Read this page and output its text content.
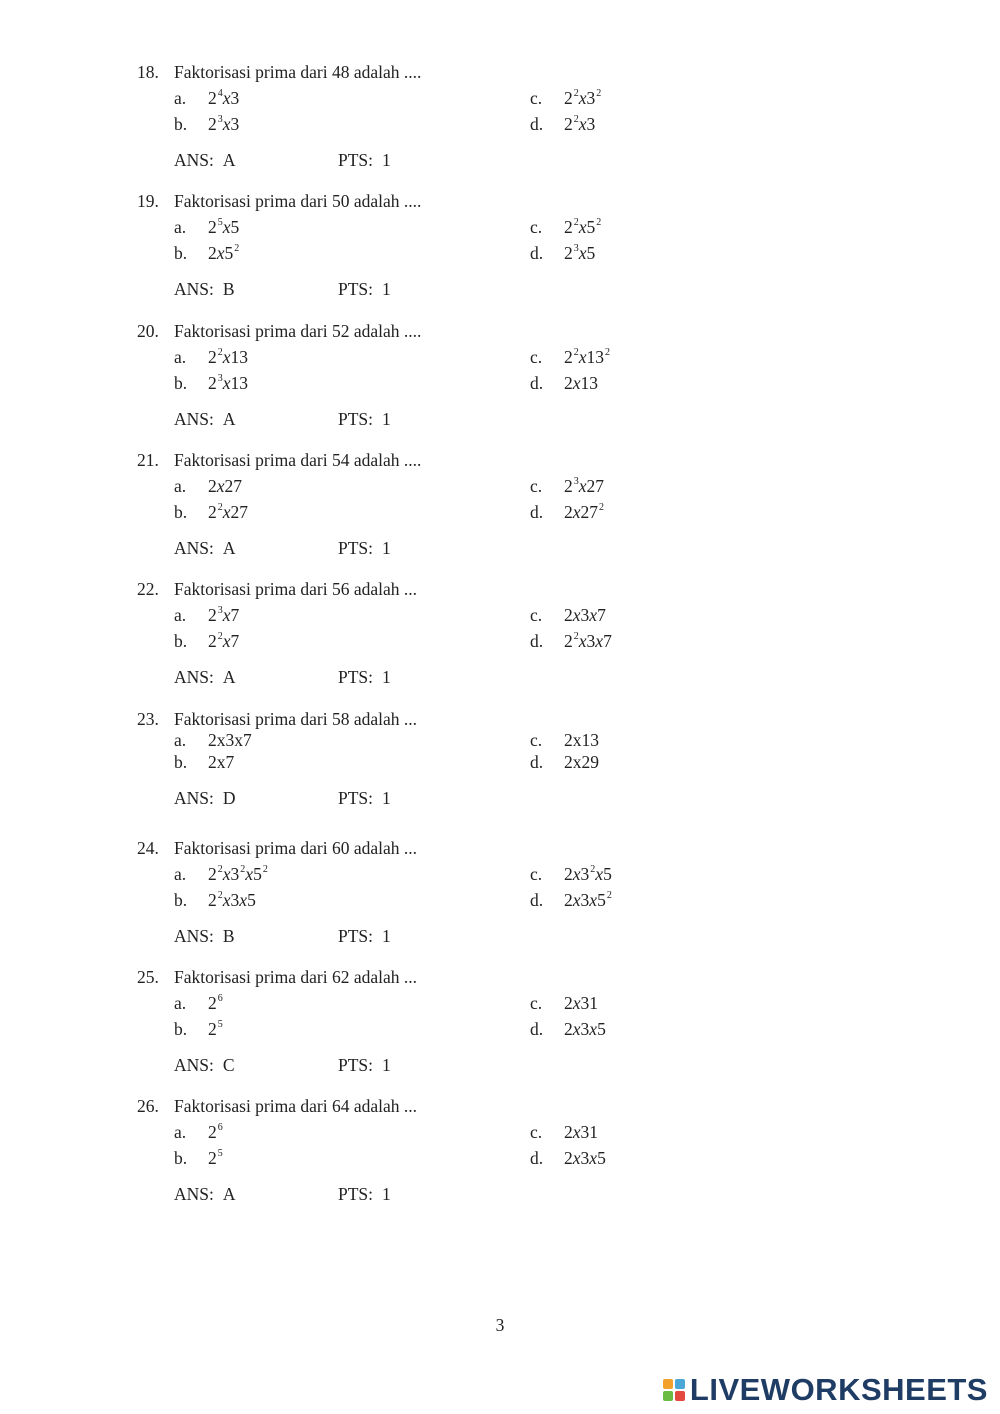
18. Faktorisasi prima dari 48 adalah ....
a. $2^4x3$
b. $2^3x3$
c. $2^2x3^2$
d. $2^2x3$
ANS: A	PTS: 1
19. Faktorisasi prima dari 50 adalah ....
a. $2^5x5$
b. $2x5^2$
c. $2^2x5^2$
d. $2^3x5$
ANS: B	PTS: 1
20. Faktorisasi prima dari 52 adalah ....
a. $2^2x13$
b. $2^3x13$
c. $2^2x13^2$
d. 2x13
ANS: A	PTS: 1
21. Faktorisasi prima dari 54 adalah ....
a. 2x27
b. $2^2x27$
c. $2^3x27$
d. $2x27^2$
ANS: A	PTS: 1
22. Faktorisasi prima dari 56 adalah ...
a. $2^3x7$
b. $2^2x7$
c. 2x3x7
d. $2^2x3x7$
ANS: A	PTS: 1
23. Faktorisasi prima dari 58 adalah ...
a. 2x3x7
b. 2x7
c. 2x13
d. 2x29
ANS: D	PTS: 1
24. Faktorisasi prima dari 60 adalah ...
a. $2^2x3^2x5^2$
b. $2^2x3x5$
c. $2x3^2x5$
d. $2x3x5^2$
ANS: B	PTS: 1
25. Faktorisasi prima dari 62 adalah ...
a. $2^6$
b. $2^5$
c. 2x31
d. 2x3x5
ANS: C	PTS: 1
26. Faktorisasi prima dari 64 adalah ...
a. $2^6$
b. $2^5$
c. 2x31
d. 2x3x5
ANS: A	PTS: 1
3
LIVEWORKSHEETS
